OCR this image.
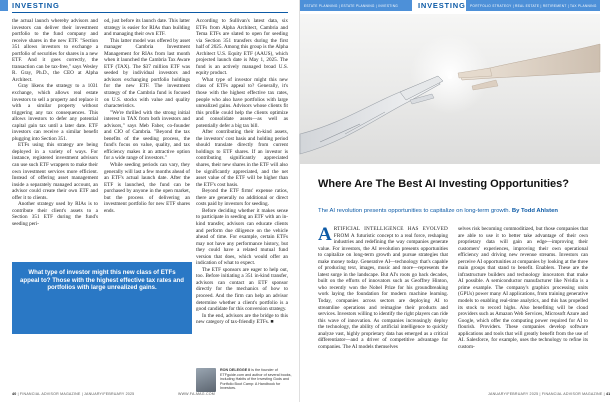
INVESTING

the actual launch whereby advisors and investors can deliver their investment portfolio to the fund company and receive shares in the new ETF. "Section 351 allows investors to exchange a portfolio of securities for shares in a new ETF. And it goes correctly, the transaction can be tax-free," says Wesley R. Gray, Ph.D., the CEO at Alpha Architect.

Gray likens the strategy to a 1031 exchange, which allows real estate investors to sell a property and replace it with a similar property without triggering any tax consequences. This allows investors to defer any potential capital gain tax until a later date. ETF investors can receive a similar benefit plugging into Section 351.

ETFs using this strategy are being deployed in a variety of ways. For instance, registered investment advisors can use such ETF wrappers to make their own investment services more efficient. Instead of offering asset management inside a separately managed account, an advisor could create their own ETF and offer it to clients.

Another strategy used by RIAs is to contribute their client's assets to a Section 351 ETF during the fund's seeding peri-

od, just before its launch date. This latter strategy is easier for RIAs than building and managing their own ETF.

This latter model was offered by asset manager Cambria Investment Management for RIAs from last month when it launched the Cambria Tax Aware ETF (TAX). The $37 million ETF was seeded by individual investors and advisors exchanging portfolio holdings for the new ETF. The investment strategy of the Cambria fund is focused on U.S. stocks with value and quality characteristics.

"We're thrilled with the strong initial interest in TAX from both investors and advisors," says Meb Faber, co-founder and CIO of Cambria. "Beyond the tax benefits of the seeding process, the fund's focus on value, quality, and tax efficiency makes it an attractive option for a wide range of investors."

While seeding periods can vary, they generally will last a few months ahead of an ETF's actual launch date. After the ETF is launched, the fund can be purchased by anyone in the open market, but the process of delivering an investment portfolio for new ETF shares ends.

According to Sullivan's latest data, six ETFs from Alpha Architect, Cambria and Tema ETFs are slated to open for seeding via Section 351 transfers during the first half of 2025. Among this group is the Alpha Architect U.S. Equity ETF (AAUS), which projected launch date is May 1, 2025. The fund is an actively managed broad U.S. equity product.

What type of investor might this new class of ETFs appeal to? Generally, it's those with the highest effective tax rates, people who also have portfolios with large unrealized gains. Advisors whose clients fit this profile could help the clients optimize and consolidate assets—as well as potentially defer a big tax bill.

After contributing their in-kind assets, the investors' cost basis and holding period should translate directly from current holdings to ETF shares. If an investor is contributing significantly appreciated shares, their new shares in the ETF will also be significantly appreciated, and the net asset value of the ETF will be higher than the ETF's cost basis.

Beyond the ETF firms' expense ratios, there are generally no additional or direct costs paid by investors for seeding.

Before deciding whether it makes sense to participate in seeding an ETF with an in-kind transfer, advisors can educate clients and perform due diligence on the vehicle ahead of time. For example, certain ETFs may not have any performance history, but they could have a related mutual fund version that does, which would offer an indication of what to expect.

The ETF sponsors are eager to help out, too. Before initiating a 351 in-kind transfer, advisors can contact an ETF sponsor directly for the mechanics of how to proceed. And the firm can help an advisor determine whether a client's portfolio is a good candidate for this conversion strategy.

In the end, advisors are the bridge to this new category of tax-friendly ETFs. ■

What type of investor might this new class of ETFs appeal to? Those with the highest effective tax rates and portfolios with large unrealized gains.
RON DELEGGE II is the founder of ETFguide.com and author of several books, including Habits of the Investing Gods and Portfolio Boot Camp: A Handbook for Investors.
40 | FINANCIAL ADVISOR MAGAZINE | JANUARY/FEBRUARY 2025	WWW.FA-MAG.COM
ESTATE PLANNING | ESTATE PLANNING | INVESTING	INVESTING PORTFOLIO STRATEGY | REAL ESTATE | RETIREMENT | TAX PLANNING
Where Are The Best AI Investing Opportunities?
The AI revolution presents opportunities to capitalize on long-term growth. By Todd Ahlsten

ARTIFICIAL INTELLIGENCE HAS EVOLVED FROM A futuristic concept to a real force, reshaping industries and redefining the way companies generate value. For investors, the AI revolution presents opportunities to capitalize on long-term growth and pursue strategies that make money today. Generative AI—technology that's capable of producing text, images, music and more—represents the latest surge in the landscape. But AI's roots go back decades, built on the efforts of innovators such as Geoffrey Hinton, who recently won the Nobel Prize for his groundbreaking work laying the foundation for modern machine learning. Today, companies across sectors are deploying AI to streamline operations and reimagine their products and services. Investors willing to identify the right players can ride this wave of innovation. As companies increasingly deploy the technology, the ability of artificial intelligence to quickly analyze vast, highly proprietary data has emerged as a critical differentiator—and a driver of competitive advantage for companies. The AI models themselves

selves risk becoming commoditized, but those companies that are able to use it to better take advantage of their own proprietary data will gain an edge—improving their customers' experiences, improving their own operational efficiency and driving new revenue streams. Investors can perceive AI opportunities at companies by looking at the three main groups that stand to benefit. Enablers. These are the infrastructure builders and technology innovators that make AI possible. A semiconductor manufacturer like Nvidia is a prime example. The company's graphics processing units (GPUs) power many AI applications, from training generative models to enabling real-time analytics, and this has propelled its stock to record highs. Also benefiting will be cloud providers such as Amazon Web Services, Microsoft Azure and Google, which offer the computing power required for AI to flourish. Providers. These companies develop software applications and tools that will greatly benefit from the use of AI. Salesforce, for example, uses the technology to refine its custom-

JANUARY/FEBRUARY 2025 | FINANCIAL ADVISOR MAGAZINE | 41
